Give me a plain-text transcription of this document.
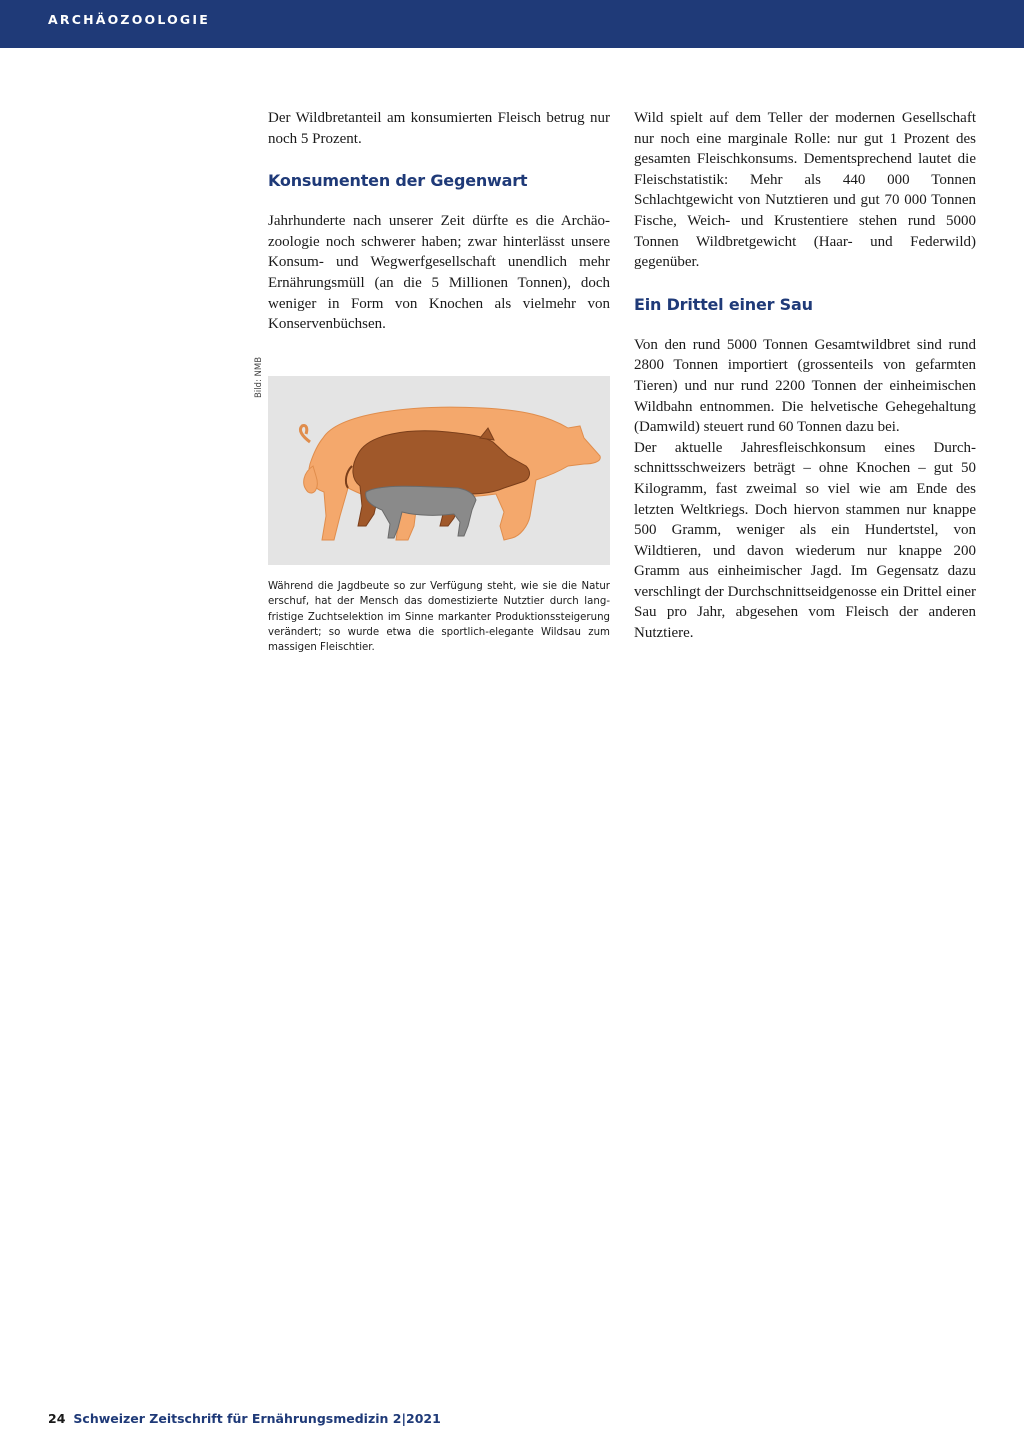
ARCHÄOZOOLOGIE

Der Wildbretanteil am konsumierten Fleisch betrug nur noch 5 Prozent.

Konsumenten der Gegenwart

Jahrhunderte nach unserer Zeit dürfte es die Archäozoologie noch schwerer haben; zwar hinterlässt unsere Konsum- und Wegwerfgesellschaft unendlich mehr Ernährungsmüll (an die 5 Millionen Tonnen), doch weniger in Form von Knochen als vielmehr von Konservenbüchsen.

Bild: NMB
Während die Jagdbeute so zur Verfügung steht, wie sie die Natur erschuf, hat der Mensch das domestizierte Nutztier durch langfristige Zuchtselektion im Sinne markanter Produktionssteigerung verändert; so wurde etwa die sportlich-elegante Wildsau zum massigen Fleischtier.

Wild spielt auf dem Teller der modernen Gesellschaft nur noch eine marginale Rolle: nur gut 1 Prozent des gesamten Fleischkonsums. Dementsprechend lautet die Fleischstatistik: Mehr als 440 000 Tonnen Schlachtgewicht von Nutztieren und gut 70 000 Tonnen Fische, Weich- und Krustentiere stehen rund 5000 Tonnen Wildbretgewicht (Haar- und Federwild) gegenüber.

Ein Drittel einer Sau

Von den rund 5000 Tonnen Gesamtwildbret sind rund 2800 Tonnen importiert (grossenteils von gefarmten Tieren) und nur rund 2200 Tonnen der einheimischen Wildbahn entnommen. Die helvetische Gehegehaltung (Damwild) steuert rund 60 Tonnen dazu bei.

Der aktuelle Jahresfleischkonsum eines Durchschnittsschweizers beträgt – ohne Knochen – gut 50 Kilogramm, fast zweimal so viel wie am Ende des letzten Weltkriegs. Doch hiervon stammen nur knappe 500 Gramm, weniger als ein Hundertstel, von Wildtieren, und davon wiederum nur knappe 200 Gramm aus einheimischer Jagd. Im Gegensatz dazu verschlingt der Durchschnittseidgenosse ein Drittel einer Sau pro Jahr, abgesehen vom Fleisch der anderen Nutztiere.

24 Schweizer Zeitschrift für Ernährungsmedizin 2|2021
